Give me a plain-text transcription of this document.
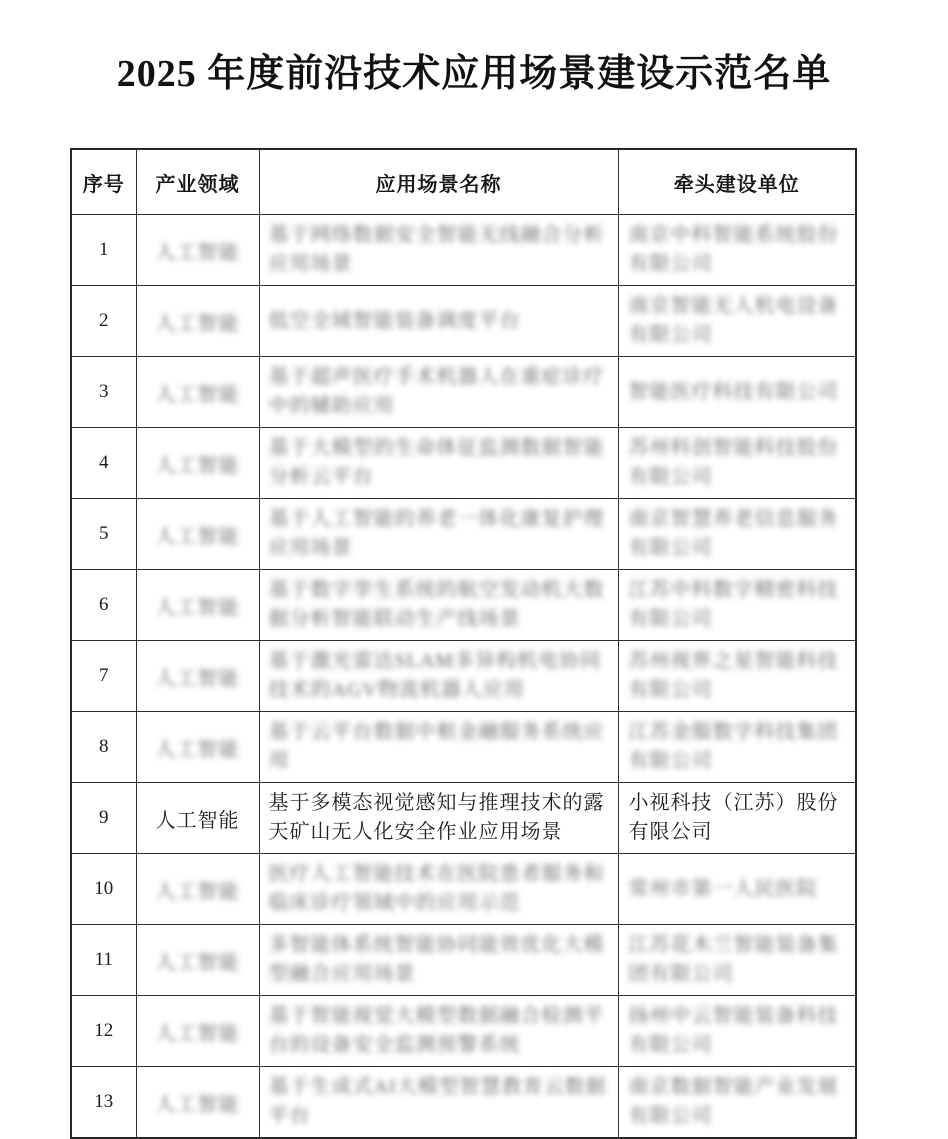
2025 年度前沿技术应用场景建设示范名单
序号	产业领域	应用场景名称	牵头建设单位
1	人工智能	基于网络数据安全智能无线融合分析应用场景	南京中科智能系统股份有限公司
2	人工智能	低空全域智能装备调度平台	南京智能无人机电设备有限公司
3	人工智能	基于超声医疗手术机器人在重症诊疗中的辅助应用	智能医疗科技有限公司
4	人工智能	基于大模型的生命体征监测数据智能分析云平台	苏州科创智能科技股份有限公司
5	人工智能	基于人工智能的养老一体化康复护理应用场景	南京智慧养老信息服务有限公司
6	人工智能	基于数字孪生系统的航空发动机大数据分析智能联动生产线场景	江苏中科数字精密科技有限公司
7	人工智能	基于激光雷达SLAM多异构机电协同技术的AGV物流机器人应用	苏州视界之星智能科技有限公司
8	人工智能	基于云平台数据中枢金融服务系统应用	江苏金服数字科技集团有限公司
9	人工智能	基于多模态视觉感知与推理技术的露天矿山无人化安全作业应用场景	小视科技（江苏）股份有限公司
10	人工智能	医疗人工智能技术在医院患者服务和临床诊疗领域中的应用示范	常州市第一人民医院
11	人工智能	多智能体系统智能协同能效优化大模型融合应用场景	江苏花木兰智能装备集团有限公司
12	人工智能	基于智能视觉大模型数据融合检测平台的设备安全监测预警系统	扬州中云智能装备科技有限公司
13	人工智能	基于生成式AI大模型智慧教育云数据平台	南京数据智能产业发展有限公司
